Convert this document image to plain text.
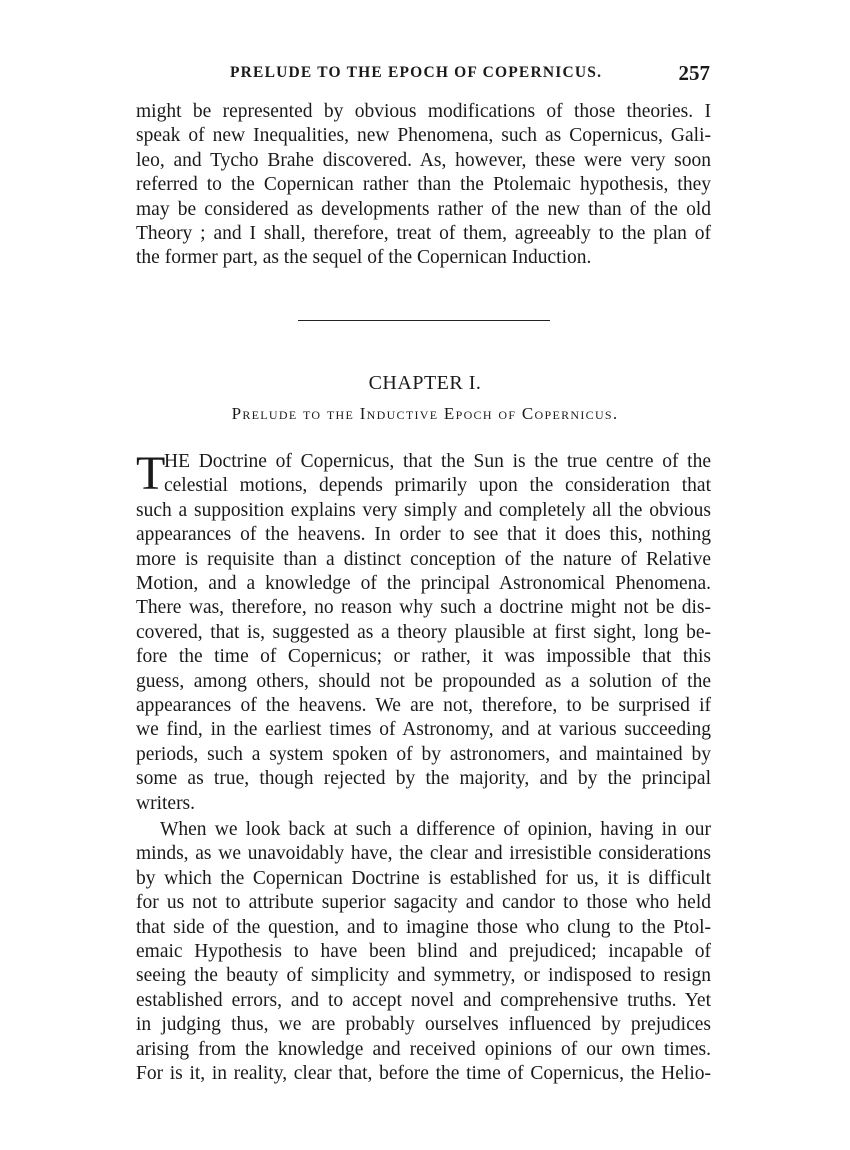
PRELUDE TO THE EPOCH OF COPERNICUS.	257
might be represented by obvious modifications of those theories. I
speak of new Inequalities, new Phenomena, such as Copernicus, Gali-
leo, and Tycho Brahe discovered. As, however, these were very soon
referred to the Copernican rather than the Ptolemaic hypothesis, they
may be considered as developments rather of the new than of the old
Theory ; and I shall, therefore, treat of them, agreeably to the plan of
the former part, as the sequel of the Copernican Induction.
CHAPTER I.
Prelude to the Inductive Epoch of Copernicus.
T
HE Doctrine of Copernicus, that the Sun is the true centre of the
celestial motions, depends primarily upon the consideration that
such a supposition explains very simply and completely all the obvious
appearances of the heavens. In order to see that it does this, nothing
more is requisite than a distinct conception of the nature of Relative
Motion, and a knowledge of the principal Astronomical Phenomena.
There was, therefore, no reason why such a doctrine might not be dis-
covered, that is, suggested as a theory plausible at first sight, long be-
fore the time of Copernicus; or rather, it was impossible that this
guess, among others, should not be propounded as a solution of the
appearances of the heavens. We are not, therefore, to be surprised if
we find, in the earliest times of Astronomy, and at various succeeding
periods, such a system spoken of by astronomers, and maintained by
some as true, though rejected by the majority, and by the principal
writers.
When we look back at such a difference of opinion, having in our
minds, as we unavoidably have, the clear and irresistible considerations
by which the Copernican Doctrine is established for us, it is difficult
for us not to attribute superior sagacity and candor to those who held
that side of the question, and to imagine those who clung to the Ptol-
emaic Hypothesis to have been blind and prejudiced; incapable of
seeing the beauty of simplicity and symmetry, or indisposed to resign
established errors, and to accept novel and comprehensive truths. Yet
in judging thus, we are probably ourselves influenced by prejudices
arising from the knowledge and received opinions of our own times.
For is it, in reality, clear that, before the time of Copernicus, the Helio-
